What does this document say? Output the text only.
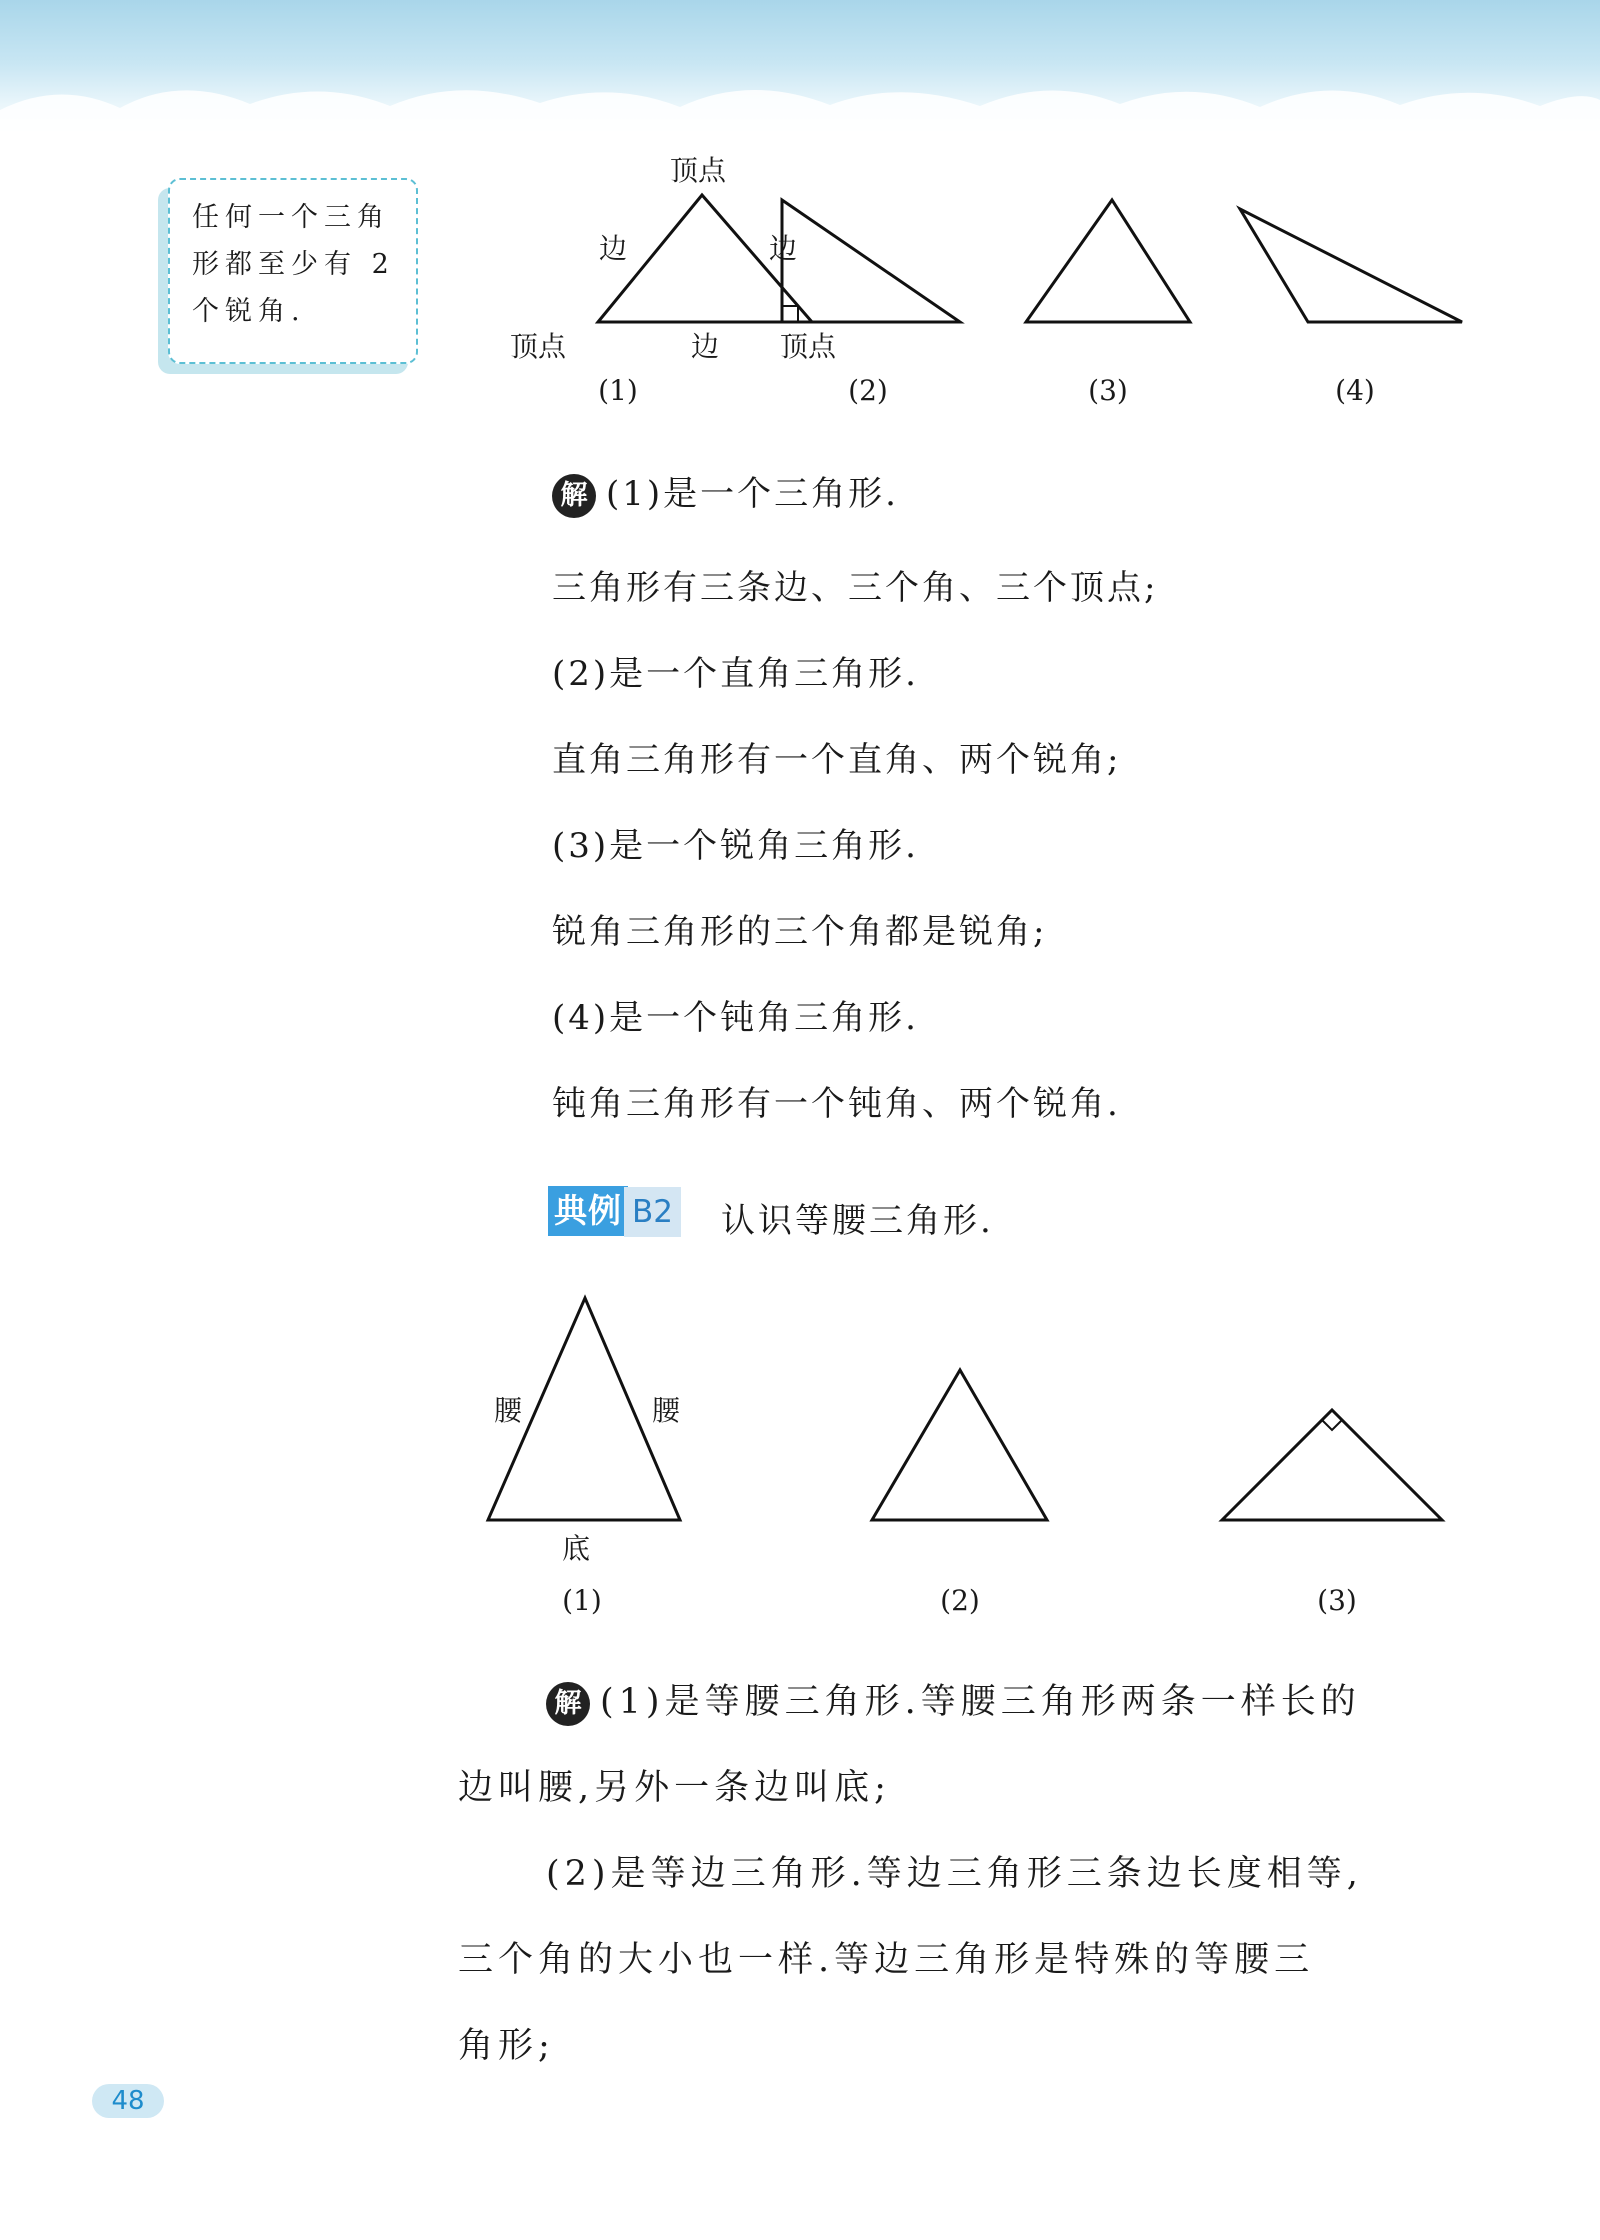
任何一个三角形都至少有 2 个锐角.
顶点
边	边
顶点	边 顶点
(1)	(2)	(3)	(4)
解 (1)是一个三角形.
三角形有三条边、三个角、三个顶点;
(2)是一个直角三角形.
直角三角形有一个直角、两个锐角;
(3)是一个锐角三角形.
锐角三角形的三个角都是锐角;
(4)是一个钝角三角形.
钝角三角形有一个钝角、两个锐角.
典例 B2 认识等腰三角形.
腰	腰
底
(1)	(2)	(3)
解 (1)是等腰三角形.等腰三角形两条一样长的
边叫腰,另外一条边叫底;
(2)是等边三角形.等边三角形三条边长度相等,
三个角的大小也一样.等边三角形是特殊的等腰三
角形;
48
